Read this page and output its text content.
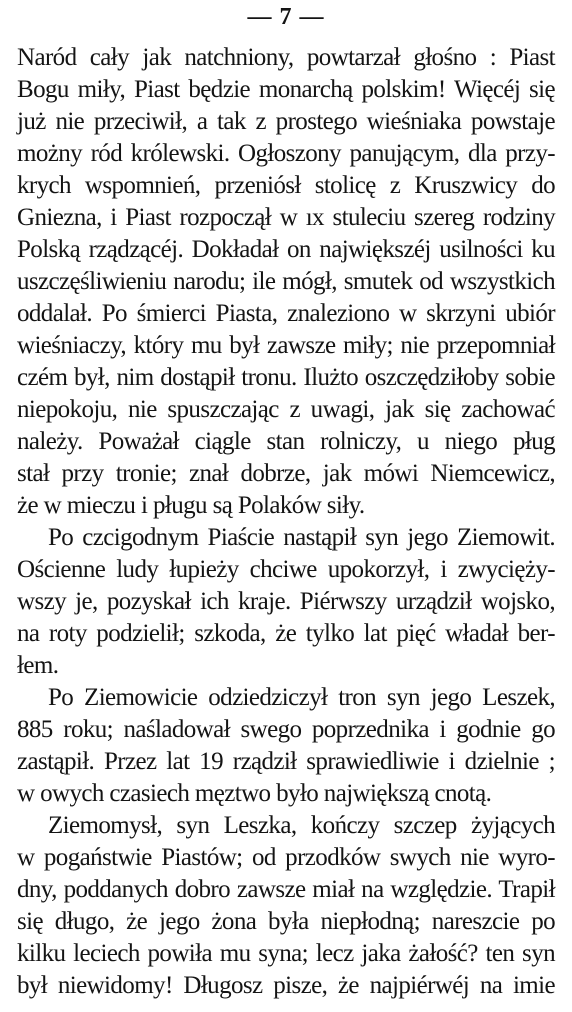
— 7 —
Naród cały jak natchniony, powtarzał głośno : Piast
Bogu miły, Piast będzie monarchą polskim! Więcéj się
już nie przeciwił, a tak z prostego wieśniaka powstaje
możny ród królewski. Ogłoszony panującym, dla przy-
krych wspomnień, przeniósł stolicę z Kruszwicy do
Gniezna, i Piast rozpoczął w ıx stuleciu szereg rodziny
Polską rządzącéj. Dokładał on największéj usilności ku
uszczęśliwieniu narodu; ile mógł, smutek od wszystkich
oddalał. Po śmierci Piasta, znaleziono w skrzyni ubiór
wieśniaczy, który mu był zawsze miły; nie przepomniał
czém był, nim dostąpił tronu. Ilużto oszczędziłoby sobie
niepokoju, nie spuszczając z uwagi, jak się zachować
należy. Poważał ciągle stan rolniczy, u niego pług
stał przy tronie; znał dobrze, jak mówi Niemcewicz,
że w mieczu i pługu są Polaków siły.
Po czcigodnym Piaście nastąpił syn jego Ziemowit.
Ościenne ludy łupieży chciwe upokorzył, i zwycięży-
wszy je, pozyskał ich kraje. Piérwszy urządził wojsko,
na roty podzielił; szkoda, że tylko lat pięć władał ber-
łem.
Po Ziemowicie odziedziczył tron syn jego Leszek,
885 roku; naśladował swego poprzednika i godnie go
zastąpił. Przez lat 19 rządził sprawiedliwie i dzielnie ;
w owych czasiech męztwo było największą cnotą.
Ziemomysł, syn Leszka, kończy szczep żyjących
w pogaństwie Piastów; od przodków swych nie wyro-
dny, poddanych dobro zawsze miał na względzie. Trapił
się długo, że jego żona była niepłodną; nareszcie po
kilku leciech powiła mu syna; lecz jaka żałość? ten syn
był niewidomy! Długosz pisze, że najpiérwéj na imie
